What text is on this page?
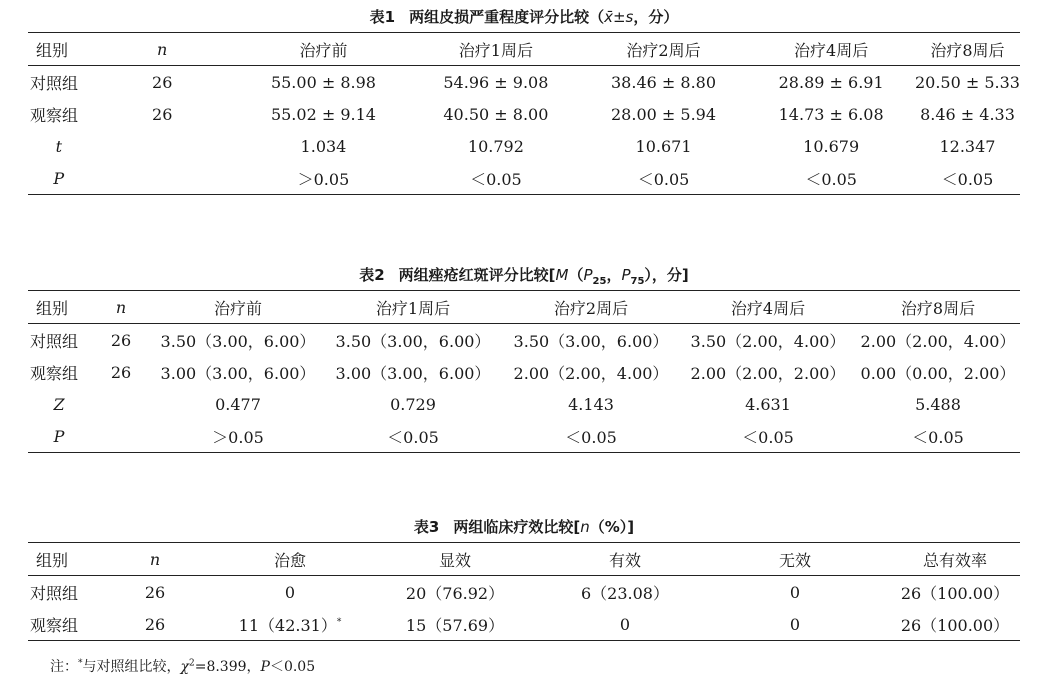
表1 两组皮损严重程度评分比较（x̄±s，分）
组别	n	治疗前	治疗1周后	治疗2周后	治疗4周后	治疗8周后
对照组	26	55.00 ± 8.98	54.96 ± 9.08	38.46 ± 8.80	28.89 ± 6.91	20.50 ± 5.33
观察组	26	55.02 ± 9.14	40.50 ± 8.00	28.00 ± 5.94	14.73 ± 6.08	8.46 ± 4.33
t		1.034	10.792	10.671	10.679	12.347
P		＞0.05	＜0.05	＜0.05	＜0.05	＜0.05
表2 两组痤疮红斑评分比较[$M(P_{25}$，$P_{75}$），分]
组别	n	治疗前	治疗1周后	治疗2周后	治疗4周后	治疗8周后
对照组	26	3.50（3.00，6.00）	3.50（3.00，6.00）	3.50（3.00，6.00）	3.50（2.00，4.00）	2.00（2.00，4.00）
观察组	26	3.00（3.00，6.00）	3.00（3.00，6.00）	2.00（2.00，4.00）	2.00（2.00，2.00）	0.00（0.00，2.00）
Z		0.477	0.729	4.143	4.631	5.488
P		＞0.05	＜0.05	＜0.05	＜0.05	＜0.05
表3 两组临床疗效比较[n（%）]
组别	n	治愈	显效	有效	无效	总有效率
对照组	26	0	20（76.92）	6（23.08）	0	26（100.00）
观察组	26	11（42.31）*	15（57.69）	0	0	26（100.00）
注：*与对照组比较，$\chi^2=8.399$，P＜0.05
